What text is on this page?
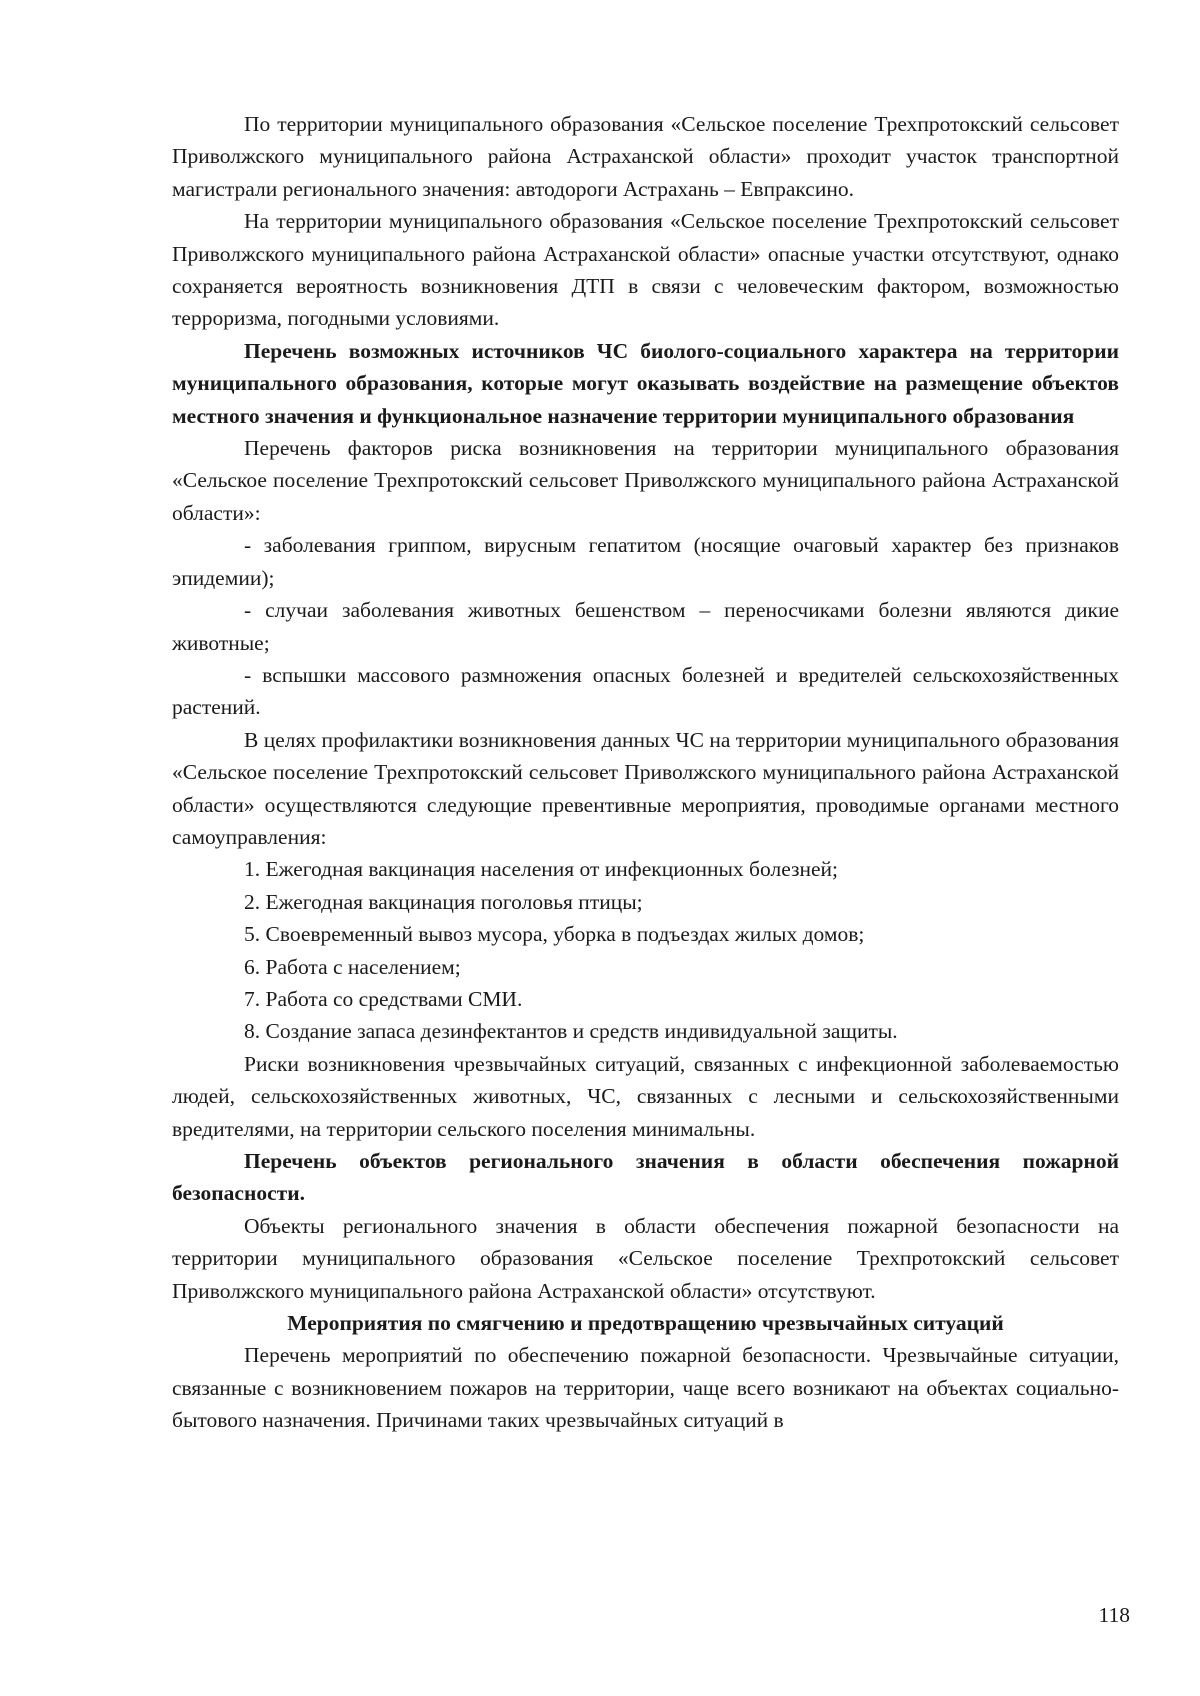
По территории муниципального образования «Сельское поселение Трехпротокский сельсовет Приволжского муниципального района Астраханской области» проходит участок транспортной магистрали регионального значения: автодороги Астрахань – Евпраксино.

На территории муниципального образования «Сельское поселение Трехпротокский сельсовет Приволжского муниципального района Астраханской области» опасные участки отсутствуют, однако сохраняется вероятность возникновения ДТП в связи с человеческим фактором, возможностью терроризма, погодными условиями.

Перечень возможных источников ЧС биолого-социального характера на территории муниципального образования, которые могут оказывать воздействие на размещение объектов местного значения и функциональное назначение территории муниципального образования

Перечень факторов риска возникновения на территории муниципального образования «Сельское поселение Трехпротокский сельсовет Приволжского муниципального района Астраханской области»:

- заболевания гриппом, вирусным гепатитом (носящие очаговый характер без признаков эпидемии);

- случаи заболевания животных бешенством – переносчиками болезни являются дикие животные;

- вспышки массового размножения опасных болезней и вредителей сельскохозяйственных растений.

В целях профилактики возникновения данных ЧС на территории муниципального образования «Сельское поселение Трехпротокский сельсовет Приволжского муниципального района Астраханской области» осуществляются следующие превентивные мероприятия, проводимые органами местного самоуправления:

1. Ежегодная вакцинация населения от инфекционных болезней;

2. Ежегодная вакцинация поголовья птицы;

5. Своевременный вывоз мусора, уборка в подъездах жилых домов;

6. Работа с населением;

7. Работа со средствами СМИ.

8. Создание запаса дезинфектантов и средств индивидуальной защиты.

Риски возникновения чрезвычайных ситуаций, связанных с инфекционной заболеваемостью людей, сельскохозяйственных животных, ЧС, связанных с лесными и сельскохозяйственными вредителями, на территории сельского поселения минимальны.

Перечень объектов регионального значения в области обеспечения пожарной безопасности.

Объекты регионального значения в области обеспечения пожарной безопасности на территории муниципального образования «Сельское поселение Трехпротокский сельсовет Приволжского муниципального района Астраханской области» отсутствуют.

Мероприятия по смягчению и предотвращению чрезвычайных ситуаций

Перечень мероприятий по обеспечению пожарной безопасности. Чрезвычайные ситуации, связанные с возникновением пожаров на территории, чаще всего возникают на объектах социально-бытового назначения. Причинами таких чрезвычайных ситуаций в

118
